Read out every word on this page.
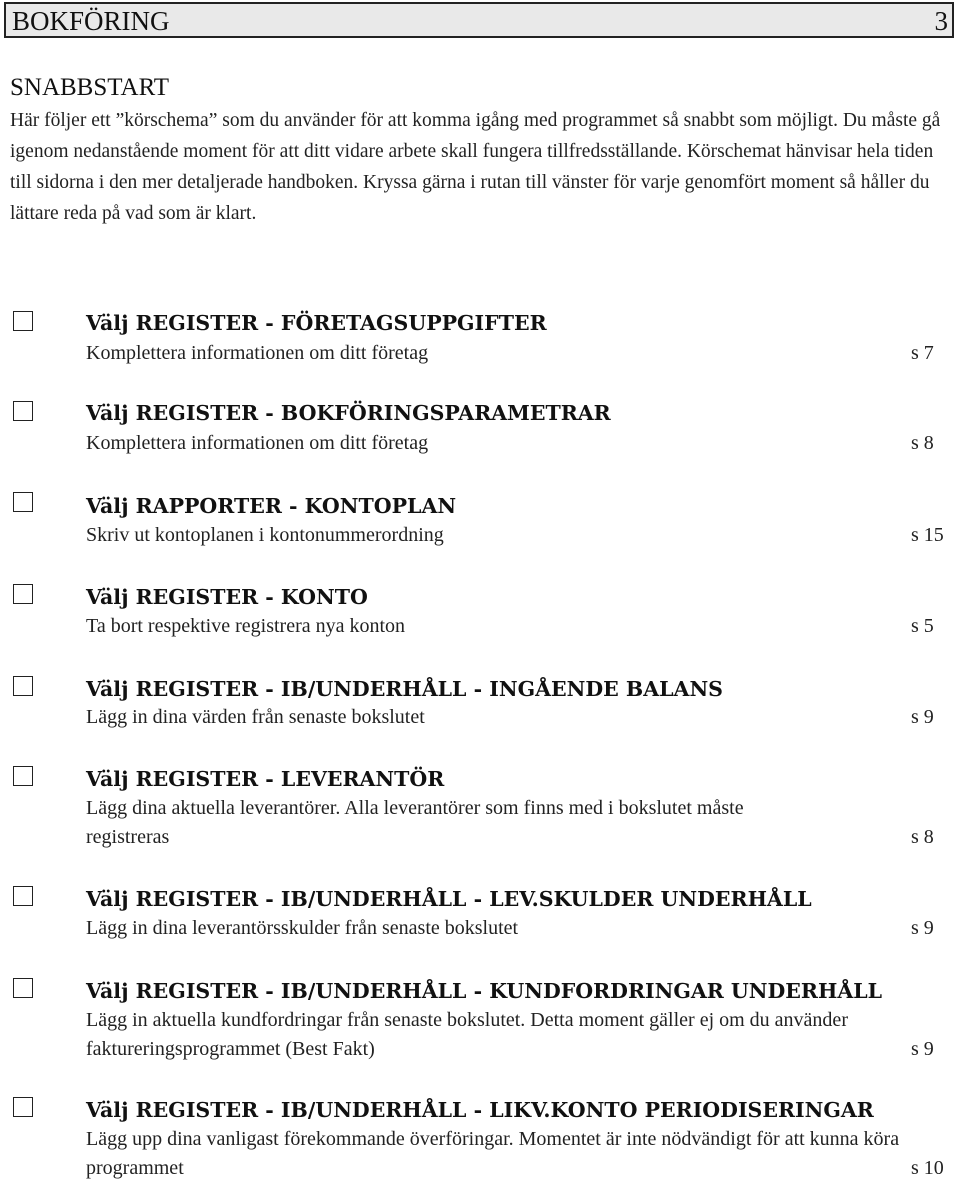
BOKFÖRING	3
SNABBSTART
Här följer ett ”körschema” som du använder för att komma igång med programmet så snabbt som möjligt. Du måste gå igenom nedanstående moment för att ditt vidare arbete skall fungera tillfredsställande. Körschemat hänvisar hela tiden till sidorna i den mer detaljerade handboken. Kryssa gärna i rutan till vänster för varje genomfört moment så håller du lättare reda på vad som är klart.
Välj REGISTER - FÖRETAGSUPPGIFTER
Komplettera informationen om ditt företag	s 7
Välj REGISTER - BOKFÖRINGSPARAMETRAR
Komplettera informationen om ditt företag	s 8
Välj RAPPORTER - KONTOPLAN
Skriv ut kontoplanen i kontonummerordning	s 15
Välj REGISTER - KONTO
Ta bort respektive registrera nya konton	s 5
Välj REGISTER - IB/UNDERHÅLL - INGÅENDE BALANS
Lägg in dina värden från senaste bokslutet	s 9
Välj REGISTER - LEVERANTÖR
Lägg dina aktuella leverantörer. Alla leverantörer som finns med i bokslutet måste registreras	s 8
Välj REGISTER - IB/UNDERHÅLL - LEV.SKULDER UNDERHÅLL
Lägg in dina leverantörsskulder från senaste bokslutet	s 9
Välj REGISTER - IB/UNDERHÅLL - KUNDFORDRINGAR UNDERHÅLL
Lägg in aktuella kundfordringar från senaste bokslutet. Detta moment gäller ej om du använder faktureringsprogrammet (Best Fakt)	s 9
Välj REGISTER - IB/UNDERHÅLL - LIKV.KONTO PERIODISERINGAR
Lägg upp dina vanligast förekommande överföringar. Momentet är inte nödvändigt för att kunna köra programmet	s 10
